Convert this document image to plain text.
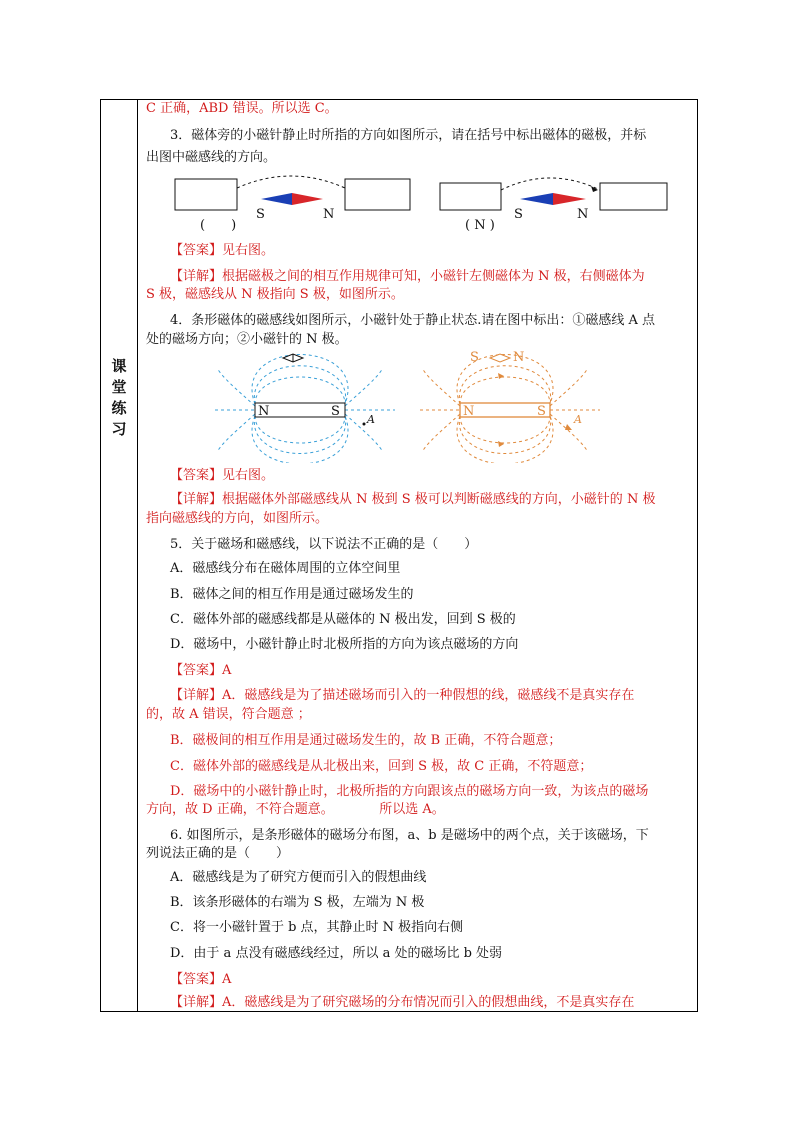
课堂练习
C 正确，ABD 错误。所以选 C。
3．磁体旁的小磁针静止时所指的方向如图所示，请在括号中标出磁体的磁极，并标
出图中磁感线的方向。
(　　)
S	N
( N )
S	N
【答案】见右图。
【详解】根据磁极之间的相互作用规律可知，小磁针左侧磁体为 N 极，右侧磁体为
S 极，磁感线从 N 极指向 S 极，如图所示。
4．条形磁体的磁感线如图所示，小磁针处于静止状态.请在图中标出：①磁感线 A 点
处的磁场方向；②小磁针的 N 极。
N	S
A
S	N
N	S
A
【答案】见右图。
【详解】根据磁体外部磁感线从 N 极到 S 极可以判断磁感线的方向，小磁针的 N 极
指向磁感线的方向，如图所示。
5．关于磁场和磁感线，以下说法不正确的是（　　）
A．磁感线分布在磁体周围的立体空间里
B．磁体之间的相互作用是通过磁场发生的
C．磁体外部的磁感线都是从磁体的 N 极出发，回到 S 极的
D．磁场中，小磁针静止时北极所指的方向为该点磁场的方向
【答案】A
【详解】A．磁感线是为了描述磁场而引入的一种假想的线，磁感线不是真实存在
的，故 A 错误，符合题意 ；
B．磁极间的相互作用是通过磁场发生的，故 B 正确，不符合题意；
C．磁体外部的磁感线是从北极出来，回到 S 极，故 C 正确，不符题意；
D．磁场中的小磁针静止时，北极所指的方向跟该点的磁场方向一致，为该点的磁场
方向，故 D 正确，不符合题意。　　　　所以选 A。
6. 如图所示，是条形磁体的磁场分布图，a、b 是磁场中的两个点，关于该磁场，下
列说法正确的是（　　）
A．磁感线是为了研究方便而引入的假想曲线
B．该条形磁体的右端为 S 极，左端为 N 极
C．将一小磁针置于 b 点，其静止时 N 极指向右侧
D．由于 a 点没有磁感线经过，所以 a 处的磁场比 b 处弱
【答案】A
【详解】A．磁感线是为了研究磁场的分布情况而引入的假想曲线，不是真实存在
